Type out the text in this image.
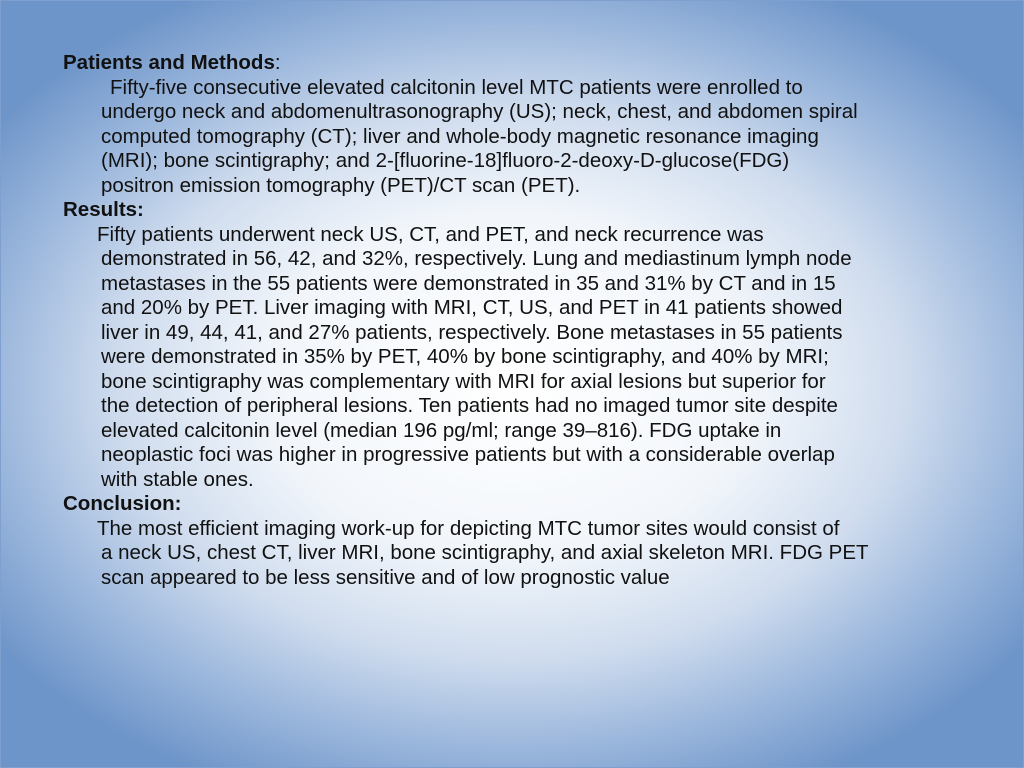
Patients and Methods:

Fifty-five consecutive elevated calcitonin level MTC patients were enrolled to

undergo neck and abdomenultrasonography (US); neck, chest, and abdomen spiral

computed tomography (CT); liver and whole-body magnetic resonance imaging

(MRI); bone scintigraphy; and 2-[fluorine-18]fluoro-2-deoxy-D-glucose(FDG)

positron emission tomography (PET)/CT scan (PET).

Results:

Fifty patients underwent neck US, CT, and PET, and neck recurrence was

demonstrated in 56, 42, and 32%, respectively. Lung and mediastinum lymph node

metastases in the 55 patients were demonstrated in 35 and 31% by CT and in 15

and 20% by PET. Liver imaging with MRI, CT, US, and PET in 41 patients showed

liver in 49, 44, 41, and 27% patients, respectively. Bone metastases in 55 patients

were demonstrated in 35% by PET, 40% by bone scintigraphy, and 40% by MRI;

bone scintigraphy was complementary with MRI for axial lesions but superior for

the detection of peripheral lesions. Ten patients had no imaged tumor site despite

elevated calcitonin level (median 196 pg/ml; range 39–816). FDG uptake in

neoplastic foci was higher in progressive patients but with a considerable overlap

with stable ones.

Conclusion:

The most efficient imaging work-up for depicting MTC tumor sites would consist of

a neck US, chest CT, liver MRI, bone scintigraphy, and axial skeleton MRI. FDG PET

scan appeared to be less sensitive and of low prognostic value
